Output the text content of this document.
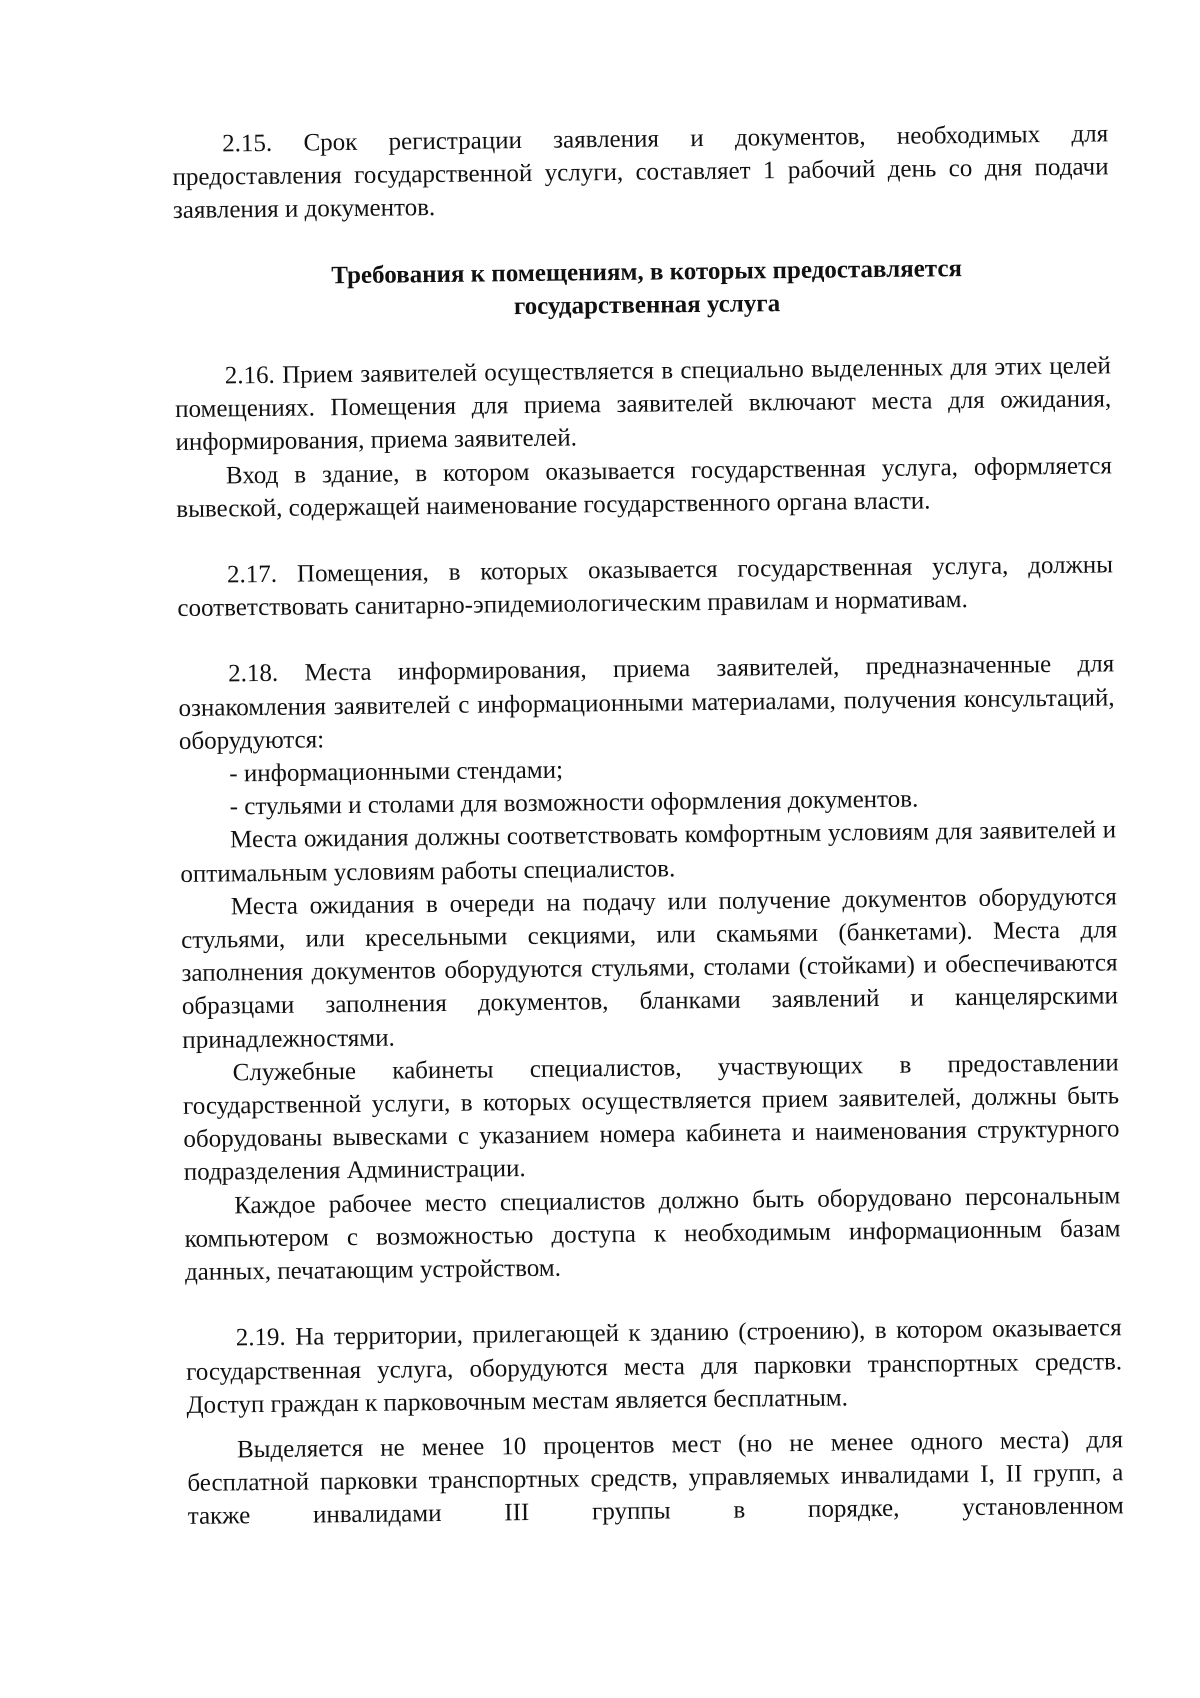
2.15. Срок регистрации заявления и документов, необходимых для предоставления государственной услуги, составляет 1 рабочий день со дня подачи заявления и документов.

Требования к помещениям, в которых предоставляется

государственная услуга

2.16. Прием заявителей осуществляется в специально выделенных для этих целей помещениях. Помещения для приема заявителей включают места для ожидания, информирования, приема заявителей.

Вход в здание, в котором оказывается государственная услуга, оформляется вывеской, содержащей наименование государственного органа власти.

2.17. Помещения, в которых оказывается государственная услуга, должны соответствовать санитарно-эпидемиологическим правилам и нормативам.

2.18. Места информирования, приема заявителей, предназначенные для ознакомления заявителей с информационными материалами, получения консультаций, оборудуются:

- информационными стендами;

- стульями и столами для возможности оформления документов.

Места ожидания должны соответствовать комфортным условиям для заявителей и оптимальным условиям работы специалистов.

Места ожидания в очереди на подачу или получение документов оборудуются стульями, или кресельными секциями, или скамьями (банкетами). Места для заполнения документов оборудуются стульями, столами (стойками) и обеспечиваются образцами заполнения документов, бланками заявлений и канцелярскими принадлежностями.

Служебные кабинеты специалистов, участвующих в предоставлении государственной услуги, в которых осуществляется прием заявителей, должны быть оборудованы вывесками с указанием номера кабинета и наименования структурного подразделения Администрации.

Каждое рабочее место специалистов должно быть оборудовано персональным компьютером с возможностью доступа к необходимым информационным базам данных, печатающим устройством.

2.19. На территории, прилегающей к зданию (строению), в котором оказывается государственная услуга, оборудуются места для парковки транспортных средств. Доступ граждан к парковочным местам является бесплатным.

Выделяется не менее 10 процентов мест (но не менее одного места) для бесплатной парковки транспортных средств, управляемых инвалидами I, II групп, а также инвалидами III группы в порядке, установленном
